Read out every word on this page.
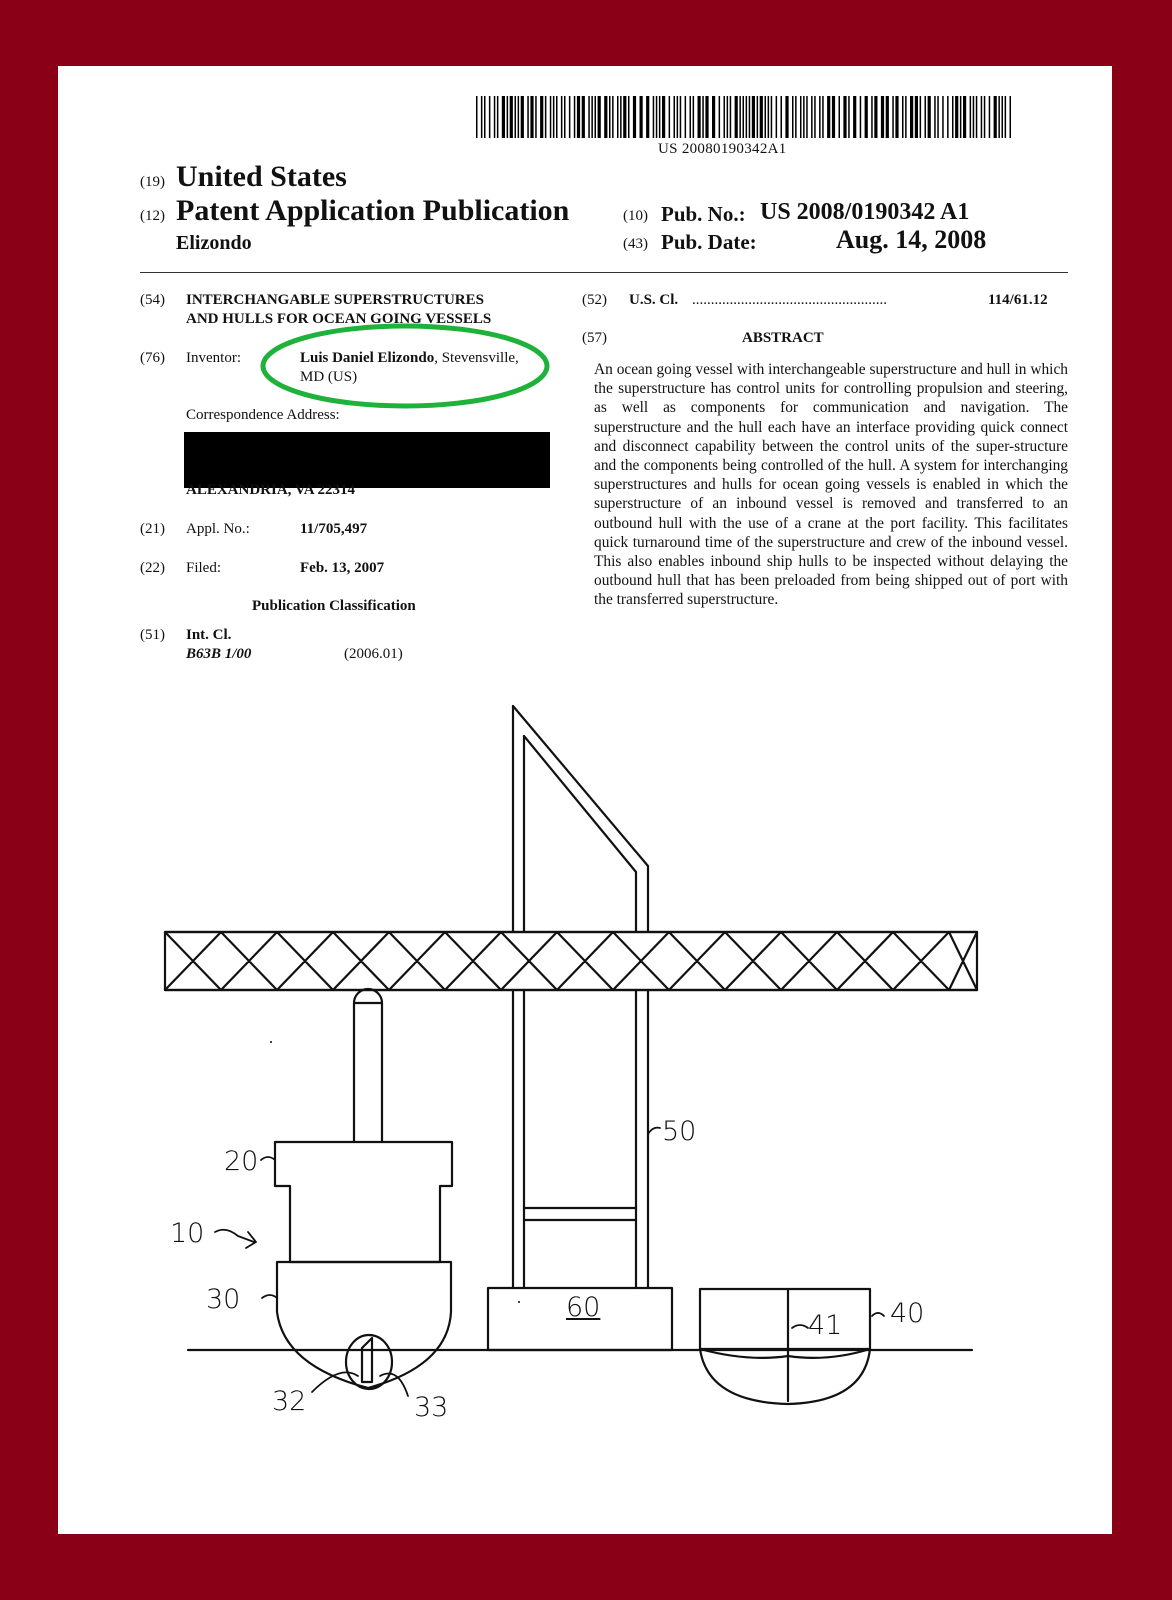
US 20080190342A1
(19) United States
(12) Patent Application Publication
Elizondo
(10) Pub. No.: US 2008/0190342 A1
(43) Pub. Date:	Aug. 14, 2008
(54) INTERCHANGABLE SUPERSTRUCTURES
AND HULLS FOR OCEAN GOING VESSELS
(76) Inventor:	Luis Daniel Elizondo, Stevensville,
MD (US)
Correspondence Address:
ALEXANDRIA, VA 22314
(21) Appl. No.:	11/705,497
(22) Filed:	Feb. 13, 2007
Publication Classification
(51) Int. Cl.
B63B 1/00	(2006.01)
(52) U.S. Cl. ....................................................	114/61.12
(57)	ABSTRACT
An ocean going vessel with interchangeable superstructure and hull in which the superstructure has control units for controlling propulsion and steering, as well as components for communication and navigation. The superstructure and the hull each have an interface providing quick connect and disconnect capability between the control units of the super-structure and the components being controlled of the hull. A system for interchanging superstructures and hulls for ocean going vessels is enabled in which the superstructure of an inbound vessel is removed and transferred to an outbound hull with the use of a crane at the port facility. This facilitates quick turnaround time of the superstructure and crew of the inbound vessel. This also enables inbound ship hulls to be inspected without delaying the outbound hull that has been preloaded from being shipped out of port with the transferred superstructure.
50
20
10
30	60
41 40
32	33
